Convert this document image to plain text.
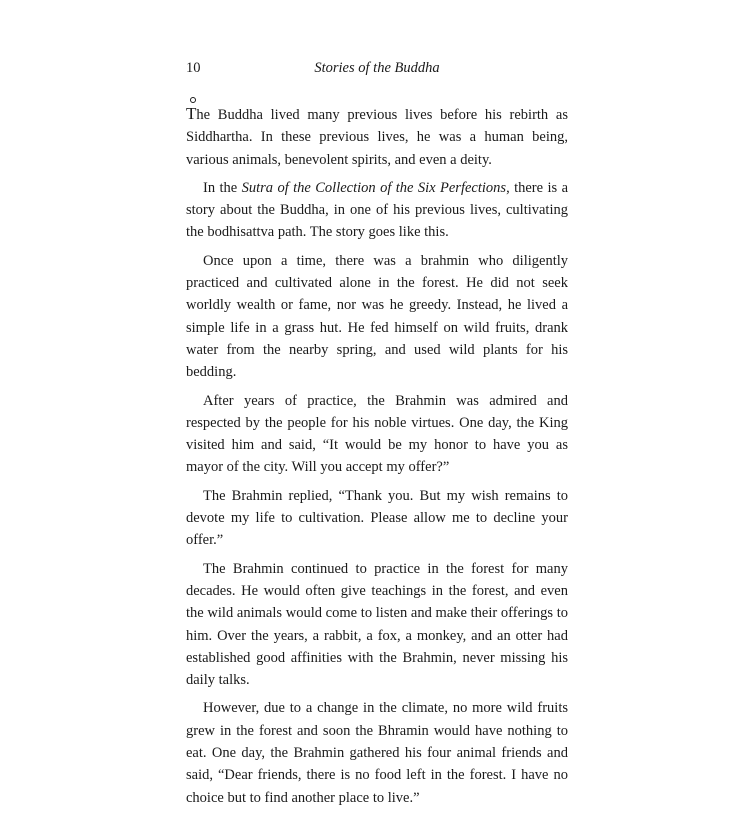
10	Stories of the Buddha

The Buddha lived many previous lives before his rebirth as Siddhartha. In these previous lives, he was a human being, various animals, benevolent spirits, and even a deity.

In the Sutra of the Collection of the Six Perfections, there is a story about the Buddha, in one of his previous lives, cultivating the bodhisattva path. The story goes like this.

Once upon a time, there was a brahmin who diligently practiced and cultivated alone in the forest. He did not seek worldly wealth or fame, nor was he greedy. Instead, he lived a simple life in a grass hut. He fed himself on wild fruits, drank water from the nearby spring, and used wild plants for his bedding.

After years of practice, the Brahmin was admired and respected by the people for his noble virtues. One day, the King visited him and said, “It would be my honor to have you as mayor of the city. Will you accept my offer?”

The Brahmin replied, “Thank you. But my wish remains to devote my life to cultivation. Please allow me to decline your offer.”

The Brahmin continued to practice in the forest for many decades. He would often give teachings in the forest, and even the wild animals would come to listen and make their offerings to him. Over the years, a rabbit, a fox, a monkey, and an otter had established good affinities with the Brahmin, never missing his daily talks.

However, due to a change in the climate, no more wild fruits grew in the forest and soon the Bhramin would have nothing to eat. One day, the Brahmin gathered his four animal friends and said, “Dear friends, there is no food left in the forest. I have no choice but to find another place to live.”
